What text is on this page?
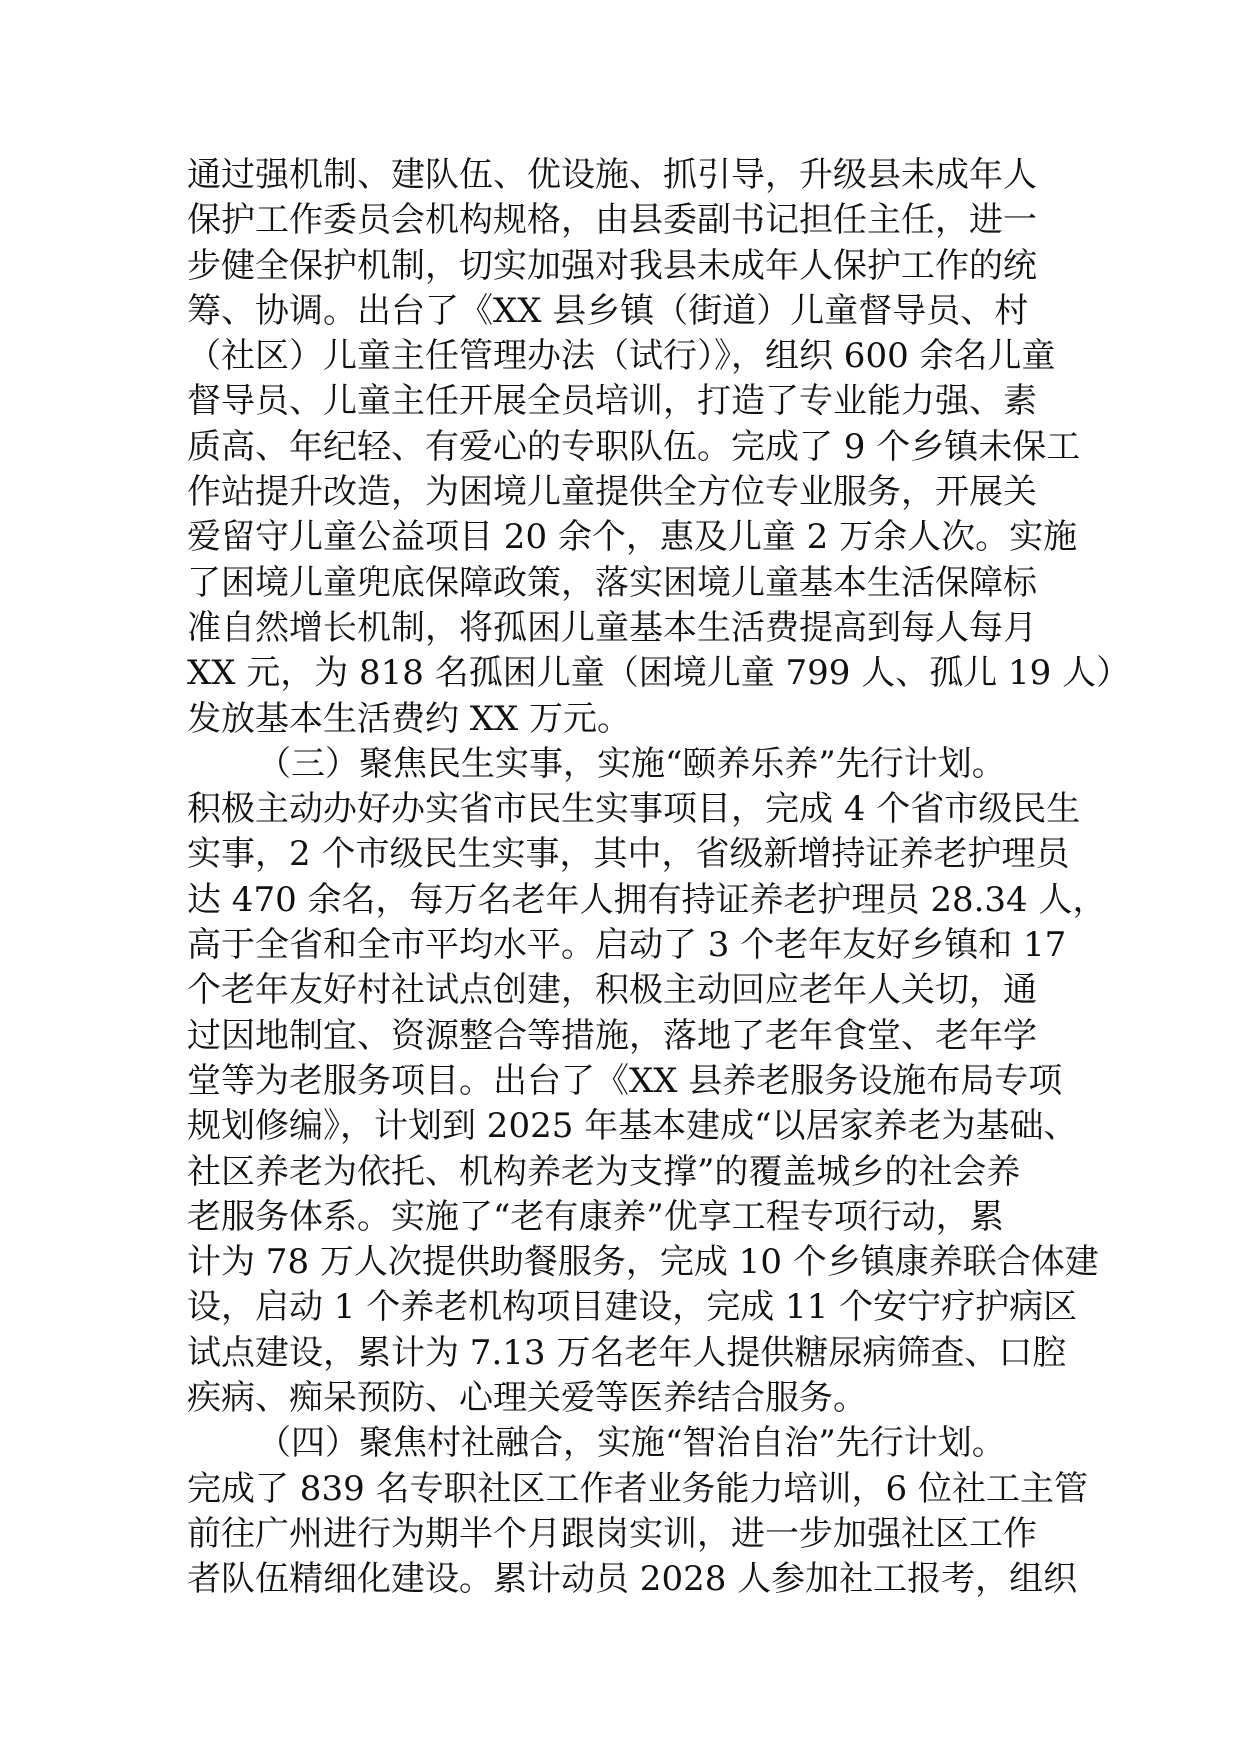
通过强机制、建队伍、优设施、抓引导，升级县未成年人
保护工作委员会机构规格，由县委副书记担任主任，进一
步健全保护机制，切实加强对我县未成年人保护工作的统
筹、协调。出台了《XX 县乡镇（街道）儿童督导员、村
（社区）儿童主任管理办法（试行）》，组织 600 余名儿童
督导员、儿童主任开展全员培训，打造了专业能力强、素
质高、年纪轻、有爱心的专职队伍。完成了 9 个乡镇未保工
作站提升改造，为困境儿童提供全方位专业服务，开展关
爱留守儿童公益项目 20 余个，惠及儿童 2 万余人次。实施
了困境儿童兜底保障政策，落实困境儿童基本生活保障标
准自然增长机制，将孤困儿童基本生活费提高到每人每月
XX 元，为 818 名孤困儿童（困境儿童 799 人、孤儿 19 人）
发放基本生活费约 XX 万元。
（三）聚焦民生实事，实施“颐养乐养”先行计划。
积极主动办好办实省市民生实事项目，完成 4 个省市级民生
实事，2 个市级民生实事，其中，省级新增持证养老护理员
达 470 余名，每万名老年人拥有持证养老护理员 28.34 人，
高于全省和全市平均水平。启动了 3 个老年友好乡镇和 17
个老年友好村社试点创建，积极主动回应老年人关切，通
过因地制宜、资源整合等措施，落地了老年食堂、老年学
堂等为老服务项目。出台了《XX 县养老服务设施布局专项
规划修编》，计划到 2025 年基本建成“以居家养老为基础、
社区养老为依托、机构养老为支撑”的覆盖城乡的社会养
老服务体系。实施了“老有康养”优享工程专项行动，累
计为 78 万人次提供助餐服务，完成 10 个乡镇康养联合体建
设，启动 1 个养老机构项目建设，完成 11 个安宁疗护病区
试点建设，累计为 7.13 万名老年人提供糖尿病筛查、口腔
疾病、痴呆预防、心理关爱等医养结合服务。
（四）聚焦村社融合，实施“智治自治”先行计划。
完成了 839 名专职社区工作者业务能力培训，6 位社工主管
前往广州进行为期半个月跟岗实训，进一步加强社区工作
者队伍精细化建设。累计动员 2028 人参加社工报考，组织
